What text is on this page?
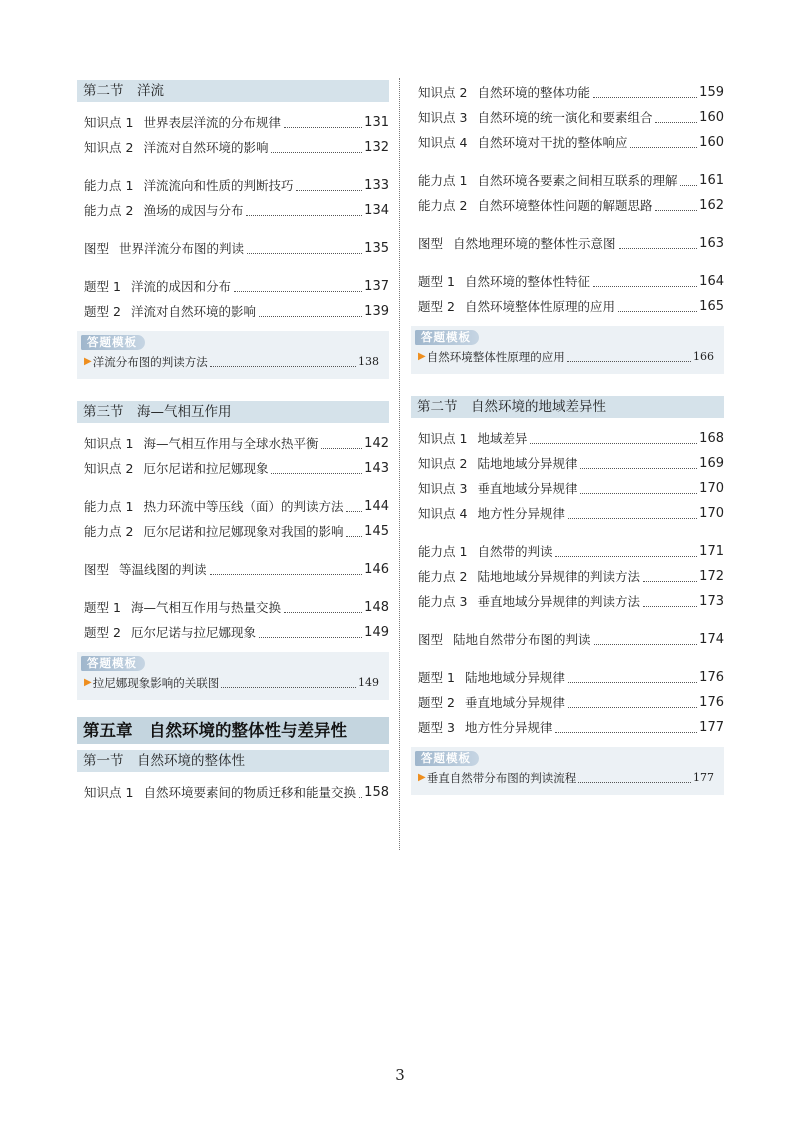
第二节　洋流
知识点 1 世界表层洋流的分布规律	131
知识点 2 洋流对自然环境的影响	132
能力点 1 洋流流向和性质的判断技巧	133
能力点 2 渔场的成因与分布	134
图型 世界洋流分布图的判读	135
题型 1 洋流的成因和分布	137
题型 2 洋流对自然环境的影响	139
答题模板
▶ 洋流分布图的判读方法	138
第三节　海—气相互作用
知识点 1 海—气相互作用与全球水热平衡	142
知识点 2 厄尔尼诺和拉尼娜现象	143
能力点 1 热力环流中等压线（面）的判读方法 144
能力点 2 厄尔尼诺和拉尼娜现象对我国的影响 145
图型 等温线图的判读	146
题型 1 海—气相互作用与热量交换	148
题型 2 厄尔尼诺与拉尼娜现象	149
答题模板
▶ 拉尼娜现象影响的关联图	149
第五章　自然环境的整体性与差异性
第一节　自然环境的整体性
知识点 1 自然环境要素间的物质迁移和能量交换 158
知识点 2 自然环境的整体功能	159
知识点 3 自然环境的统一演化和要素组合	160
知识点 4 自然环境对干扰的整体响应	160
能力点 1 自然环境各要素之间相互联系的理解 161
能力点 2 自然环境整体性问题的解题思路	162
图型 自然地理环境的整体性示意图	163
题型 1 自然环境的整体性特征	164
题型 2 自然环境整体性原理的应用	165
答题模板
▶ 自然环境整体性原理的应用	166
第二节　自然环境的地域差异性
知识点 1 地域差异	168
知识点 2 陆地地域分异规律	169
知识点 3 垂直地域分异规律	170
知识点 4 地方性分异规律	170
能力点 1 自然带的判读	171
能力点 2 陆地地域分异规律的判读方法	172
能力点 3 垂直地域分异规律的判读方法	173
图型 陆地自然带分布图的判读	174
题型 1 陆地地域分异规律	176
题型 2 垂直地域分异规律	176
题型 3 地方性分异规律	177
答题模板
▶ 垂直自然带分布图的判读流程	177
3
